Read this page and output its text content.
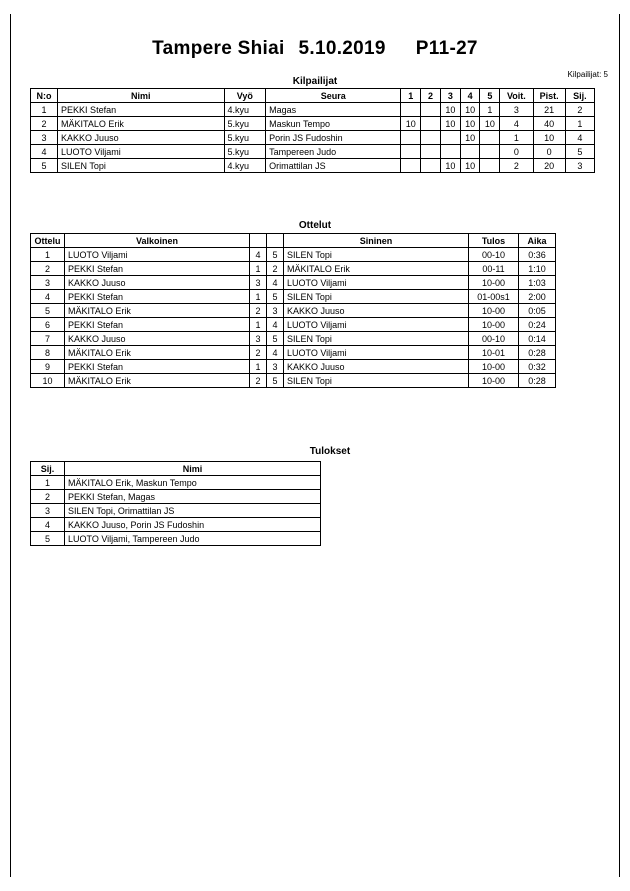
Tampere Shiai 5.10.2019 P11-27
Kilpailijat
Kilpailijat: 5
N:o	Nimi	Vyö	Seura	1	2	3	4	5	Voit.	Pist.	Sij.
1	PEKKI Stefan	4.kyu	Magas			10	10	1	3	21	2
2	MÄKITALO Erik	5.kyu	Maskun Tempo	10		10	10	10	4	40	1
3	KAKKO Juuso	5.kyu	Porin JS Fudoshin				10		1	10	4
4	LUOTO Viljami	5.kyu	Tampereen Judo						0	0	5
5	SILEN Topi	4.kyu	Orimattilan JS			10	10		2	20	3
Ottelut
Ottelu	Valkoinen			Sininen	Tulos	Aika
1	LUOTO Viljami	4	5	SILEN Topi	00-10	0:36
2	PEKKI Stefan	1	2	MÄKITALO Erik	00-11	1:10
3	KAKKO Juuso	3	4	LUOTO Viljami	10-00	1:03
4	PEKKI Stefan	1	5	SILEN Topi	01-00s1	2:00
5	MÄKITALO Erik	2	3	KAKKO Juuso	10-00	0:05
6	PEKKI Stefan	1	4	LUOTO Viljami	10-00	0:24
7	KAKKO Juuso	3	5	SILEN Topi	00-10	0:14
8	MÄKITALO Erik	2	4	LUOTO Viljami	10-01	0:28
9	PEKKI Stefan	1	3	KAKKO Juuso	10-00	0:32
10	MÄKITALO Erik	2	5	SILEN Topi	10-00	0:28
Tulokset
Sij.	Nimi
1	MÄKITALO Erik, Maskun Tempo
2	PEKKI Stefan, Magas
3	SILEN Topi, Orimattilan JS
4	KAKKO Juuso, Porin JS Fudoshin
5	LUOTO Viljami, Tampereen Judo
